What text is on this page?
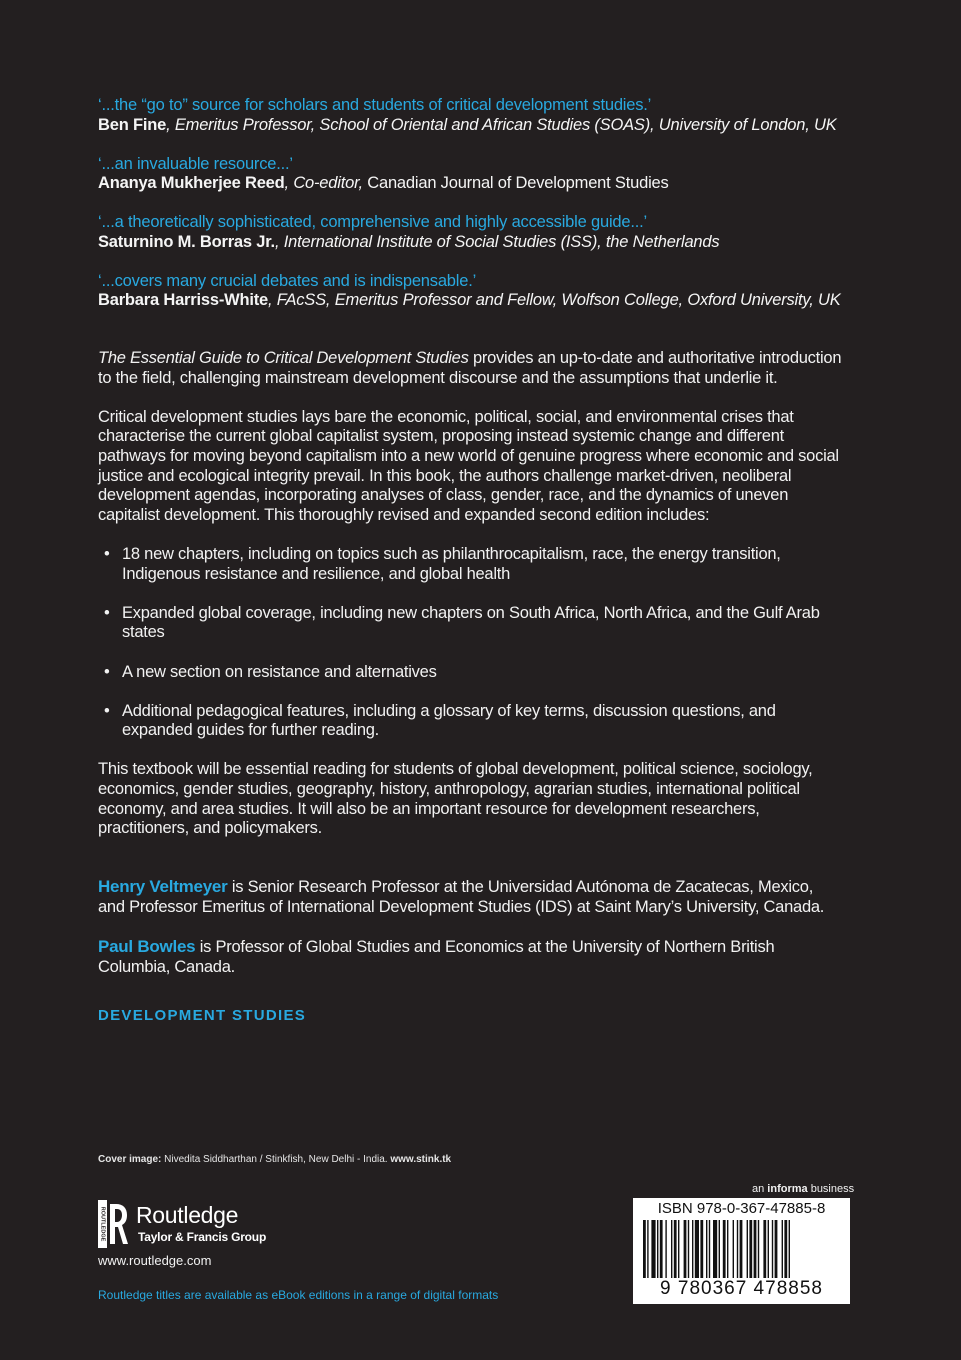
‘...the “go to” source for scholars and students of critical development studies.’
Ben Fine, Emeritus Professor, School of Oriental and African Studies (SOAS), University of London, UK
‘...an invaluable resource...’
Ananya Mukherjee Reed, Co-editor, Canadian Journal of Development Studies
‘...a theoretically sophisticated, comprehensive and highly accessible guide...’
Saturnino M. Borras Jr., International Institute of Social Studies (ISS), the Netherlands
‘...covers many crucial debates and is indispensable.’
Barbara Harriss-White, FAcSS, Emeritus Professor and Fellow, Wolfson College, Oxford University, UK

The Essential Guide to Critical Development Studies provides an up-to-date and authoritative introduction to the field, challenging mainstream development discourse and the assumptions that underlie it.

Critical development studies lays bare the economic, political, social, and environmental crises that characterise the current global capitalist system, proposing instead systemic change and different pathways for moving beyond capitalism into a new world of genuine progress where economic and social justice and ecological integrity prevail. In this book, the authors challenge market-driven, neoliberal development agendas, incorporating analyses of class, gender, race, and the dynamics of uneven capitalist development. This thoroughly revised and expanded second edition includes:

• 18 new chapters, including on topics such as philanthrocapitalism, race, the energy transition, Indigenous resistance and resilience, and global health
• Expanded global coverage, including new chapters on South Africa, North Africa, and the Gulf Arab states
• A new section on resistance and alternatives
• Additional pedagogical features, including a glossary of key terms, discussion questions, and expanded guides for further reading.

This textbook will be essential reading for students of global development, political science, sociology, economics, gender studies, geography, history, anthropology, agrarian studies, international political economy, and area studies. It will also be an important resource for development researchers, practitioners, and policymakers.

Henry Veltmeyer is Senior Research Professor at the Universidad Autónoma de Zacatecas, Mexico, and Professor Emeritus of International Development Studies (IDS) at Saint Mary’s University, Canada.

Paul Bowles is Professor of Global Studies and Economics at the University of Northern British Columbia, Canada.

DEVELOPMENT STUDIES
Cover image: Nivedita Siddharthan / Stinkfish, New Delhi - India. www.stink.tk
ROUTLEDGE Routledge
Taylor & Francis Group
www.routledge.com
Routledge titles are available as eBook editions in a range of digital formats
an informa business
ISBN 978-0-367-47885-8
9 780367 478858
